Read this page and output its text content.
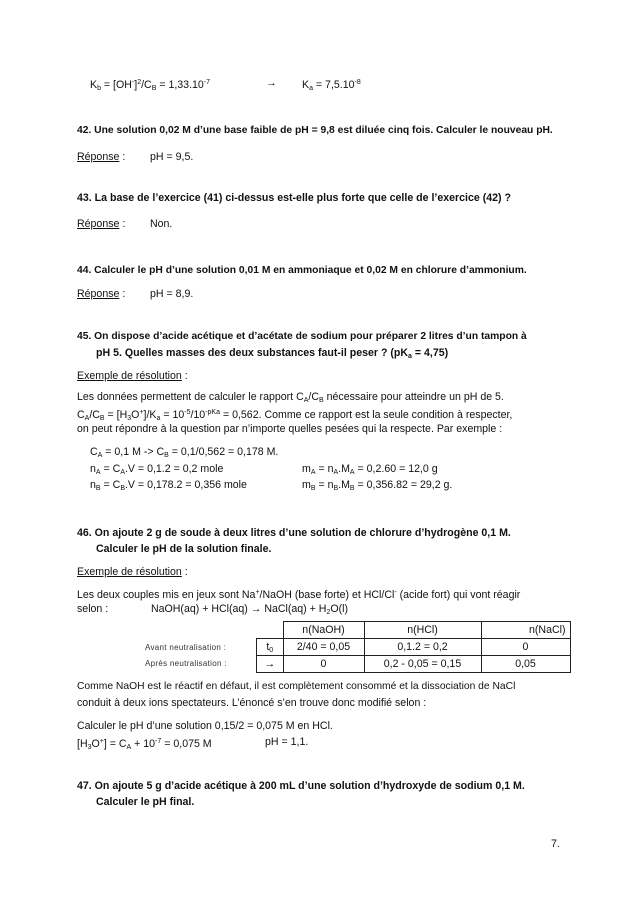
$Kb = [OH^-]^2/CB = 1,33.10^{-7}$	→ $Ka = 7,5.10^{-8}$
42. Une solution 0,02 M d’une base faible de pH = 9,8 est diluée cinq fois. Calculer le nouveau pH.
Réponse : pH = 9,5.
43. La base de l’exercice (41) ci-dessus est-elle plus forte que celle de l’exercice (42) ?
Réponse : Non.
44. Calculer le pH d’une solution 0,01 M en ammoniaque et 0,02 M en chlorure d’ammonium.
Réponse : pH = 8,9.
45. On dispose d’acide acétique et d’acétate de sodium pour préparer 2 litres d’un tampon à
pH 5. Quelles masses des deux substances faut-il peser ? (pKa = 4,75)
Exemple de résolution :
Les données permettent de calculer le rapport CA/CB nécessaire pour atteindre un pH de 5.
$CA/CB = [H3O^+]/Ka = 10^{-5}/10^{-pKa} = 0,562$. Comme ce rapport est la seule condition à respecter,
on peut répondre à la question par n’importe quelles pesées qui la respecte. Par exemple :
CA = 0,1 M -> CB = 0,1/0,562 = 0,178 M.
nA = CA.V = 0,1.2 = 0,2 mole	mA = nA.MA = 0,2.60 = 12,0 g
nB = CB.V = 0,178.2 = 0,356 mole	mB = nB.MB = 0,356.82 = 29,2 g.
46. On ajoute 2 g de soude à deux litres d’une solution de chlorure d’hydrogène 0,1 M.
Calculer le pH de la solution finale.
Exemple de résolution :
Les deux couples mis en jeux sont Na+/NaOH (base forte) et HCl/Cl- (acide fort) qui vont réagir
selon :	NaOH(aq) + HCl(aq) → NaCl(aq) + H2O(l)
Avant neutralisation :
Après neutralisation :
	n(NaOH)	n(HCl)	n(NaCl)
t0	2/40 = 0,05	0,1.2 = 0,2	0
→	0	0,2 - 0,05 = 0,15	0,05
Comme NaOH est le réactif en défaut, il est complètement consommé et la dissociation de NaCl
conduit à deux ions spectateurs. L’énoncé s’en trouve donc modifié selon :
Calculer le pH d’une solution 0,15/2 = 0,075 M en HCl.
[H3O+] = CA + $10^{-7} = 0,075$ M	pH = 1,1.
47. On ajoute 5 g d’acide acétique à 200 mL d’une solution d’hydroxyde de sodium 0,1 M.
Calculer le pH final.
7.
